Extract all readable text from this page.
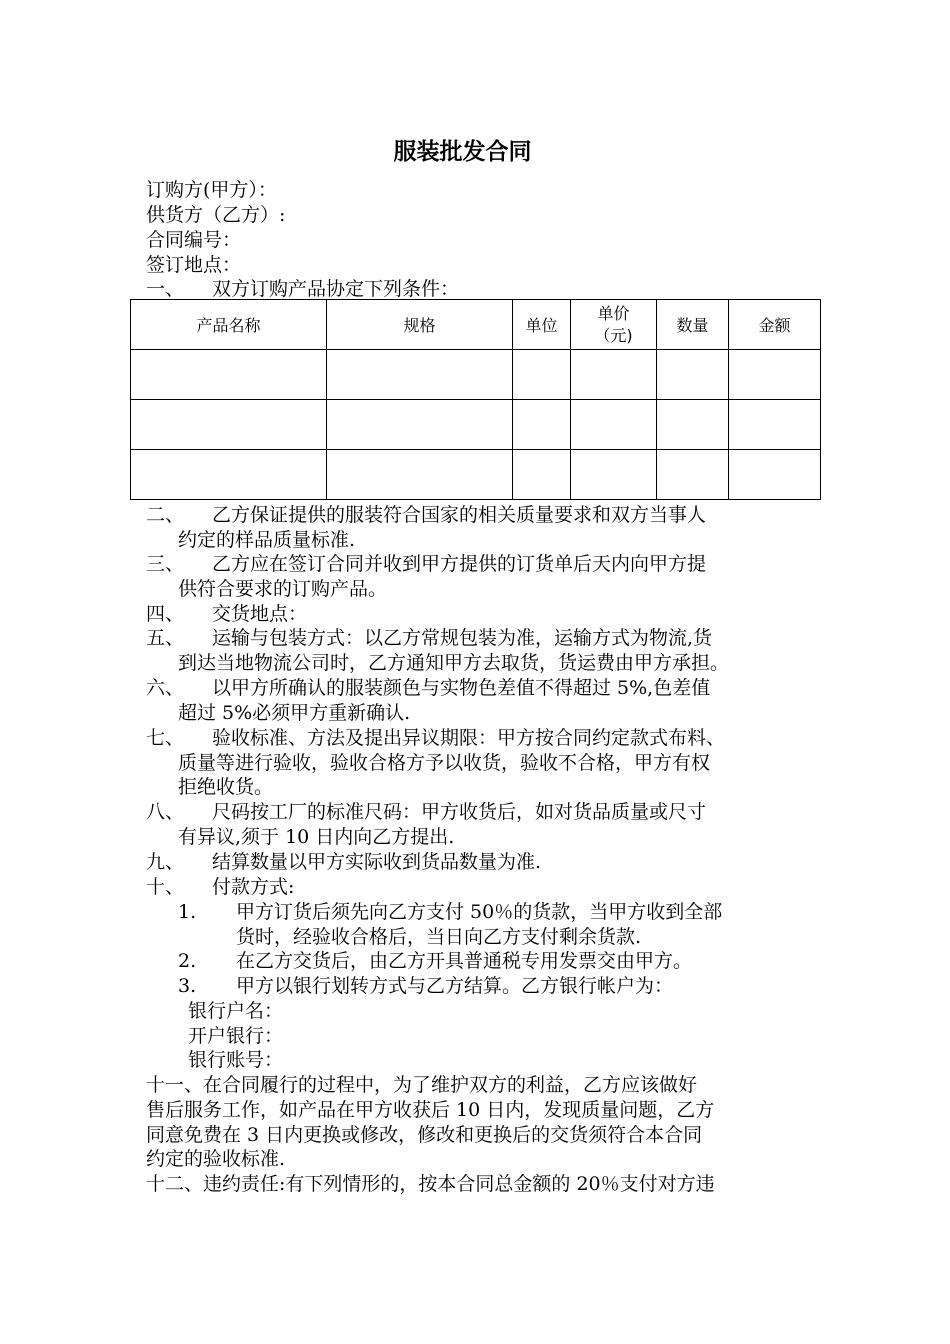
服装批发合同
订购方(甲方）：
供货方（乙方）:
合同编号：
签订地点：
一、 双方订购产品协定下列条件：
产品名称	规格	单位	单价（元)	数量	金额

二、 乙方保证提供的服装符合国家的相关质量要求和双方当事人
约定的样品质量标准.
三、 乙方应在签订合同并收到甲方提供的订货单后天内向甲方提
供符合要求的订购产品。
四、 交货地点：
五、 运输与包装方式：以乙方常规包装为准，运输方式为物流,货
到达当地物流公司时，乙方通知甲方去取货，货运费由甲方承担。
六、 以甲方所确认的服装颜色与实物色差值不得超过 5%,色差值
超过 5%必须甲方重新确认.
七、 验收标准、方法及提出异议期限：甲方按合同约定款式布料、
质量等进行验收，验收合格方予以收货，验收不合格，甲方有权
拒绝收货。
八、 尺码按工厂的标准尺码：甲方收货后，如对货品质量或尺寸
有异议,须于 10 日内向乙方提出.
九、 结算数量以甲方实际收到货品数量为准.
十、 付款方式:
1. 甲方订货后须先向乙方支付 50％的货款，当甲方收到全部
货时，经验收合格后，当日向乙方支付剩余货款.
2. 在乙方交货后，由乙方开具普通税专用发票交由甲方。
3. 甲方以银行划转方式与乙方结算。乙方银行帐户为：
银行户名：
开户银行：
银行账号：
十一、在合同履行的过程中，为了维护双方的利益，乙方应该做好
售后服务工作，如产品在甲方收获后 10 日内，发现质量问题，乙方
同意免费在 3 日内更换或修改，修改和更换后的交货须符合本合同
约定的验收标准.
十二、违约责任:有下列情形的，按本合同总金额的 20％支付对方违
